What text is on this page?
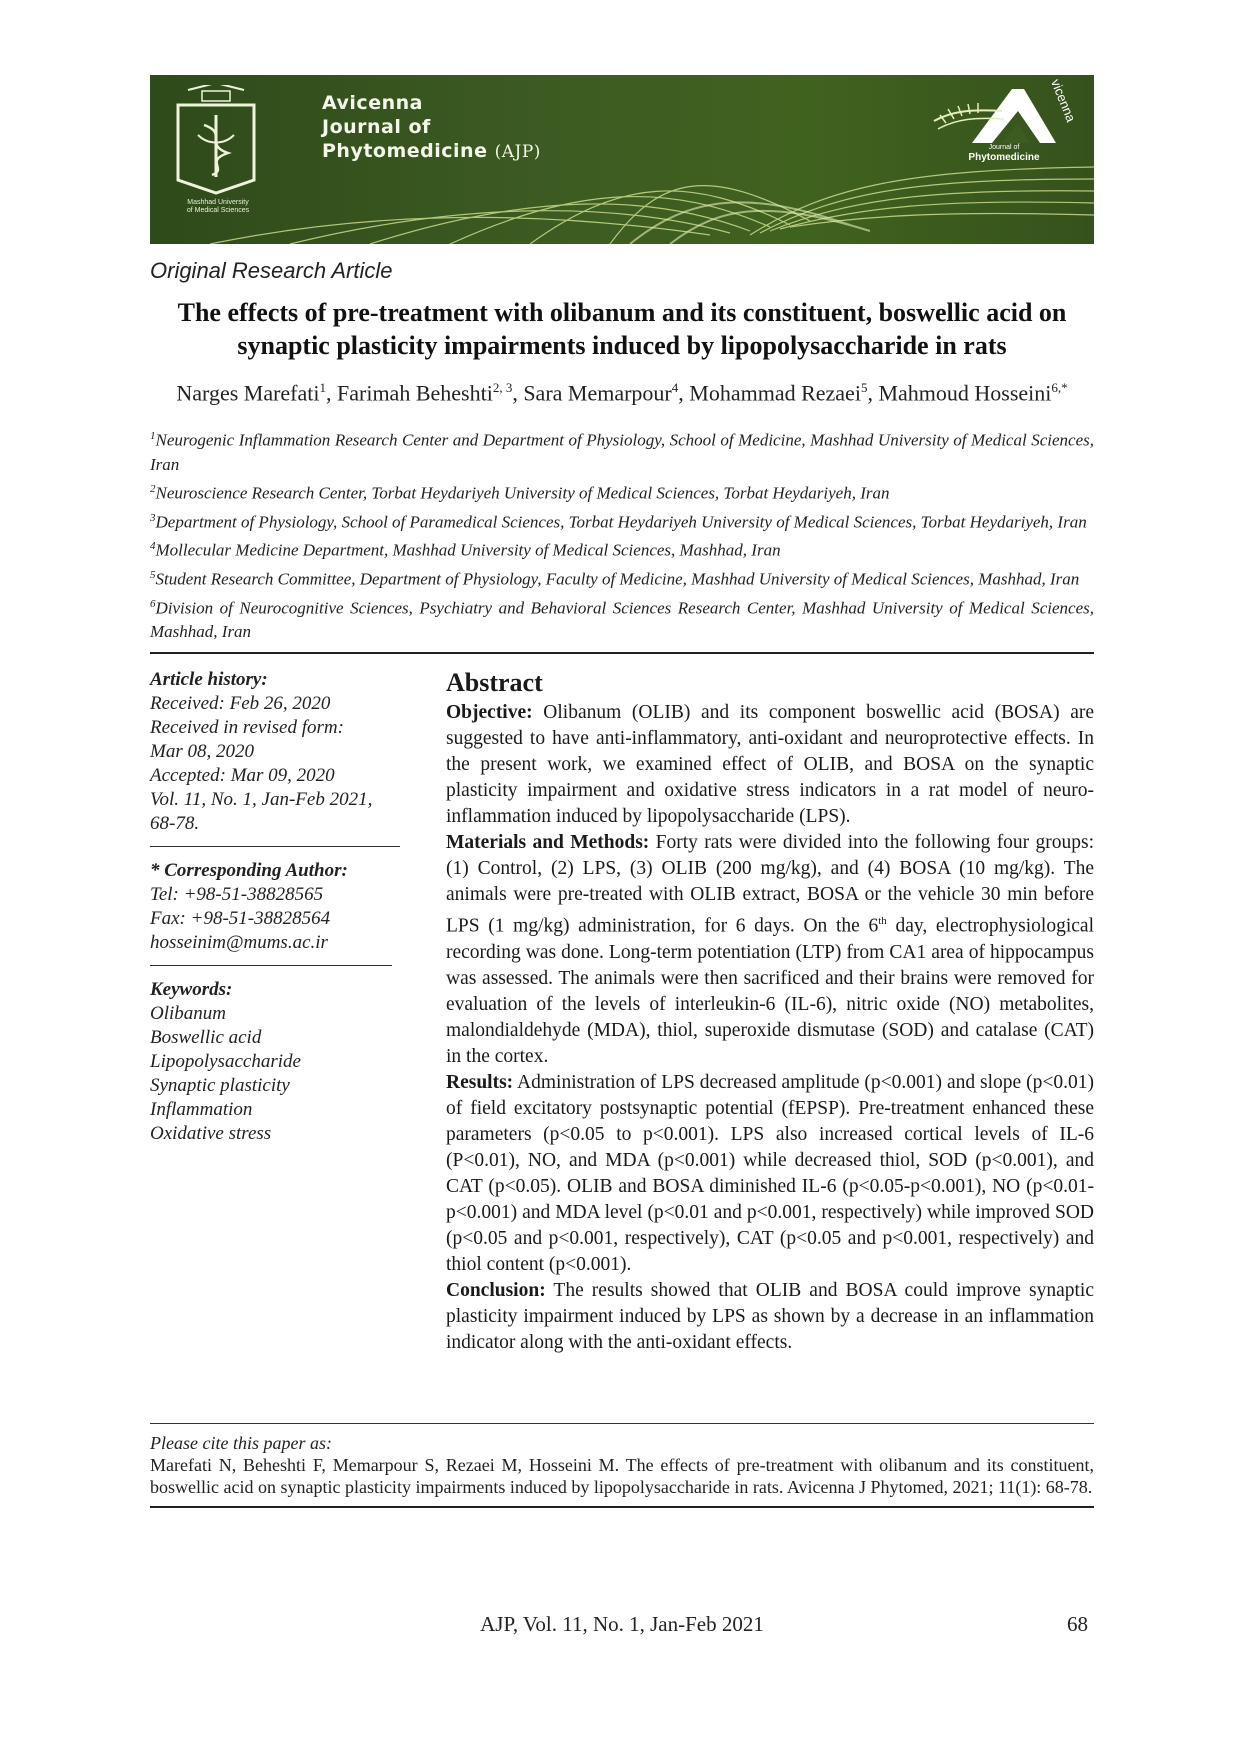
Mashhad University
of Medical Sciences
Avicenna
Journal of
Phytomedicine (AJP)
vicenna
Journal of
Phytomedicine
Original Research Article
The effects of pre-treatment with olibanum and its constituent, boswellic acid on synaptic plasticity impairments induced by lipopolysaccharide in rats
Narges Marefati$^1$, Farimah Beheshti$^{2, 3}$, Sara Memarpour$^4$, Mohammad Rezaei$^5$, Mahmoud Hosseini$^{6,*}$

$^1$Neurogenic Inflammation Research Center and Department of Physiology, School of Medicine, Mashhad University of Medical Sciences, Iran

$^2$Neuroscience Research Center, Torbat Heydariyeh University of Medical Sciences, Torbat Heydariyeh, Iran

$^3$Department of Physiology, School of Paramedical Sciences, Torbat Heydariyeh University of Medical Sciences, Torbat Heydariyeh, Iran

$^4$Mollecular Medicine Department, Mashhad University of Medical Sciences, Mashhad, Iran

$^5$Student Research Committee, Department of Physiology, Faculty of Medicine, Mashhad University of Medical Sciences, Mashhad, Iran

$^6$Division of Neurocognitive Sciences, Psychiatry and Behavioral Sciences Research Center, Mashhad University of Medical Sciences, Mashhad, Iran

Article history:

Received: Feb 26, 2020

Received in revised form:

Mar 08, 2020

Accepted: Mar 09, 2020

Vol. 11, No. 1, Jan-Feb 2021,

68-78.

* Corresponding Author:

Tel: +98-51-38828565

Fax: +98-51-38828564

hosseinim@mums.ac.ir

Keywords:

Olibanum

Boswellic acid

Lipopolysaccharide

Synaptic plasticity

Inflammation

Oxidative stress

Abstract

Objective: Olibanum (OLIB) and its component boswellic acid (BOSA) are suggested to have anti-inflammatory, anti-oxidant and neuroprotective effects. In the present work, we examined effect of OLIB, and BOSA on the synaptic plasticity impairment and oxidative stress indicators in a rat model of neuro-inflammation induced by lipopolysaccharide (LPS).

Materials and Methods: Forty rats were divided into the following four groups: (1) Control, (2) LPS, (3) OLIB (200 mg/kg), and (4) BOSA (10 mg/kg). The animals were pre-treated with OLIB extract, BOSA or the vehicle 30 min before LPS (1 mg/kg) administration, for 6 days. On the 6th day, electrophysiological recording was done. Long-term potentiation (LTP) from CA1 area of hippocampus was assessed. The animals were then sacrificed and their brains were removed for evaluation of the levels of interleukin-6 (IL-6), nitric oxide (NO) metabolites, malondialdehyde (MDA), thiol, superoxide dismutase (SOD) and catalase (CAT) in the cortex.

Results: Administration of LPS decreased amplitude (p<0.001) and slope (p<0.01) of field excitatory postsynaptic potential (fEPSP). Pre-treatment enhanced these parameters (p<0.05 to p<0.001). LPS also increased cortical levels of IL-6 (P<0.01), NO, and MDA (p<0.001) while decreased thiol, SOD (p<0.001), and CAT (p<0.05). OLIB and BOSA diminished IL-6 (p<0.05-p<0.001), NO (p<0.01-p<0.001) and MDA level (p<0.01 and p<0.001, respectively) while improved SOD (p<0.05 and p<0.001, respectively), CAT (p<0.05 and p<0.001, respectively) and thiol content (p<0.001).

Conclusion: The results showed that OLIB and BOSA could improve synaptic plasticity impairment induced by LPS as shown by a decrease in an inflammation indicator along with the anti-oxidant effects.

Please cite this paper as:

Marefati N, Beheshti F, Memarpour S, Rezaei M, Hosseini M. The effects of pre-treatment with olibanum and its constituent, boswellic acid on synaptic plasticity impairments induced by lipopolysaccharide in rats. Avicenna J Phytomed, 2021; 11(1): 68-78.

AJP, Vol. 11, No. 1, Jan-Feb 2021	68
